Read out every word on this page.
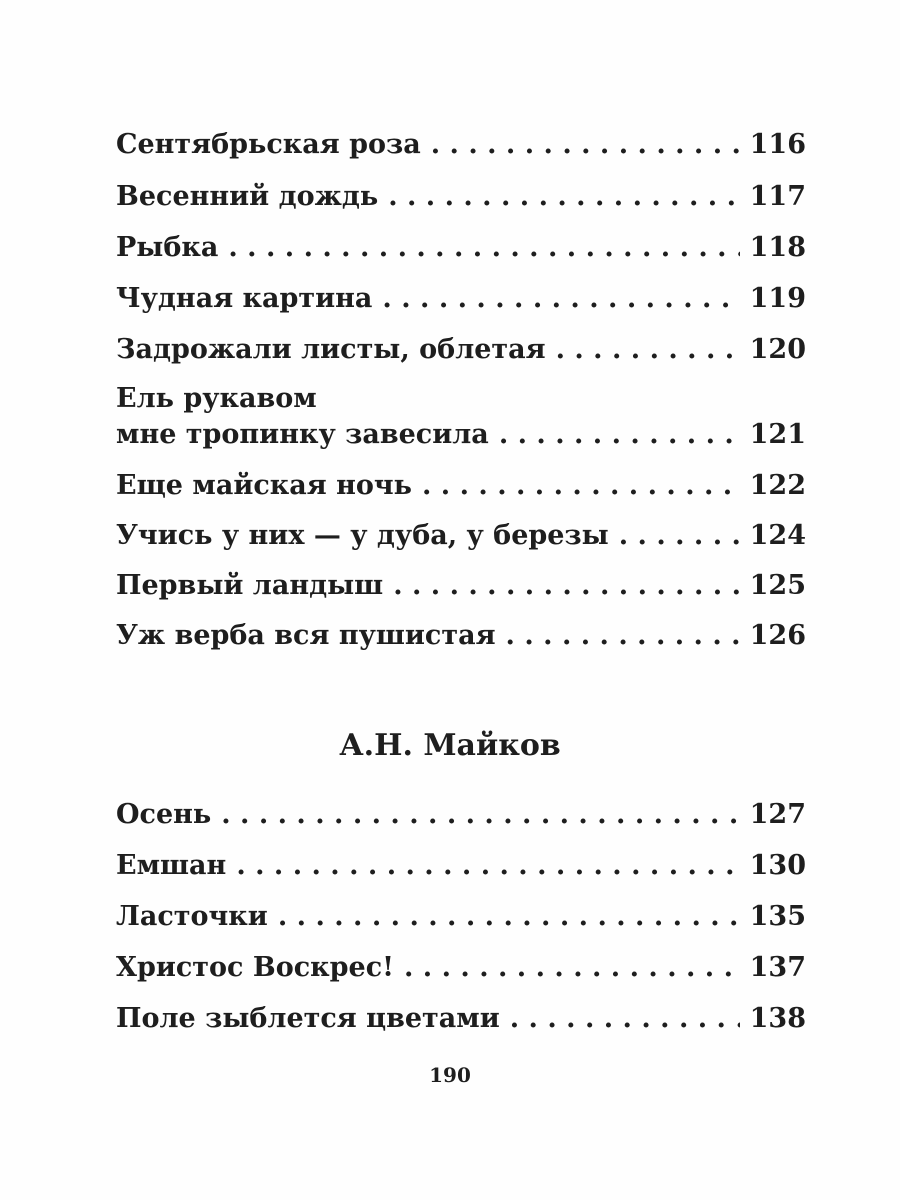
Сентябрьская роза . . .	116
Весенний дождь . . .	117
Рыбка . . .	118
Чудная картина . . .	119
Задрожали листы, облетая . . .	120
Ель рукавом
мне тропинку завесила . . .	121
Еще майская ночь . . .	122
Учись у них — у дуба, у березы . . .	124
Первый ландыш . . .	125
Уж верба вся пушистая . . .	126
Осень . . .	127
Емшан . . .	130
Ласточки . . .	135
Христос Воскрес! . . .	137
Поле зыблется цветами . . .	138
А.Н. Майков
190
